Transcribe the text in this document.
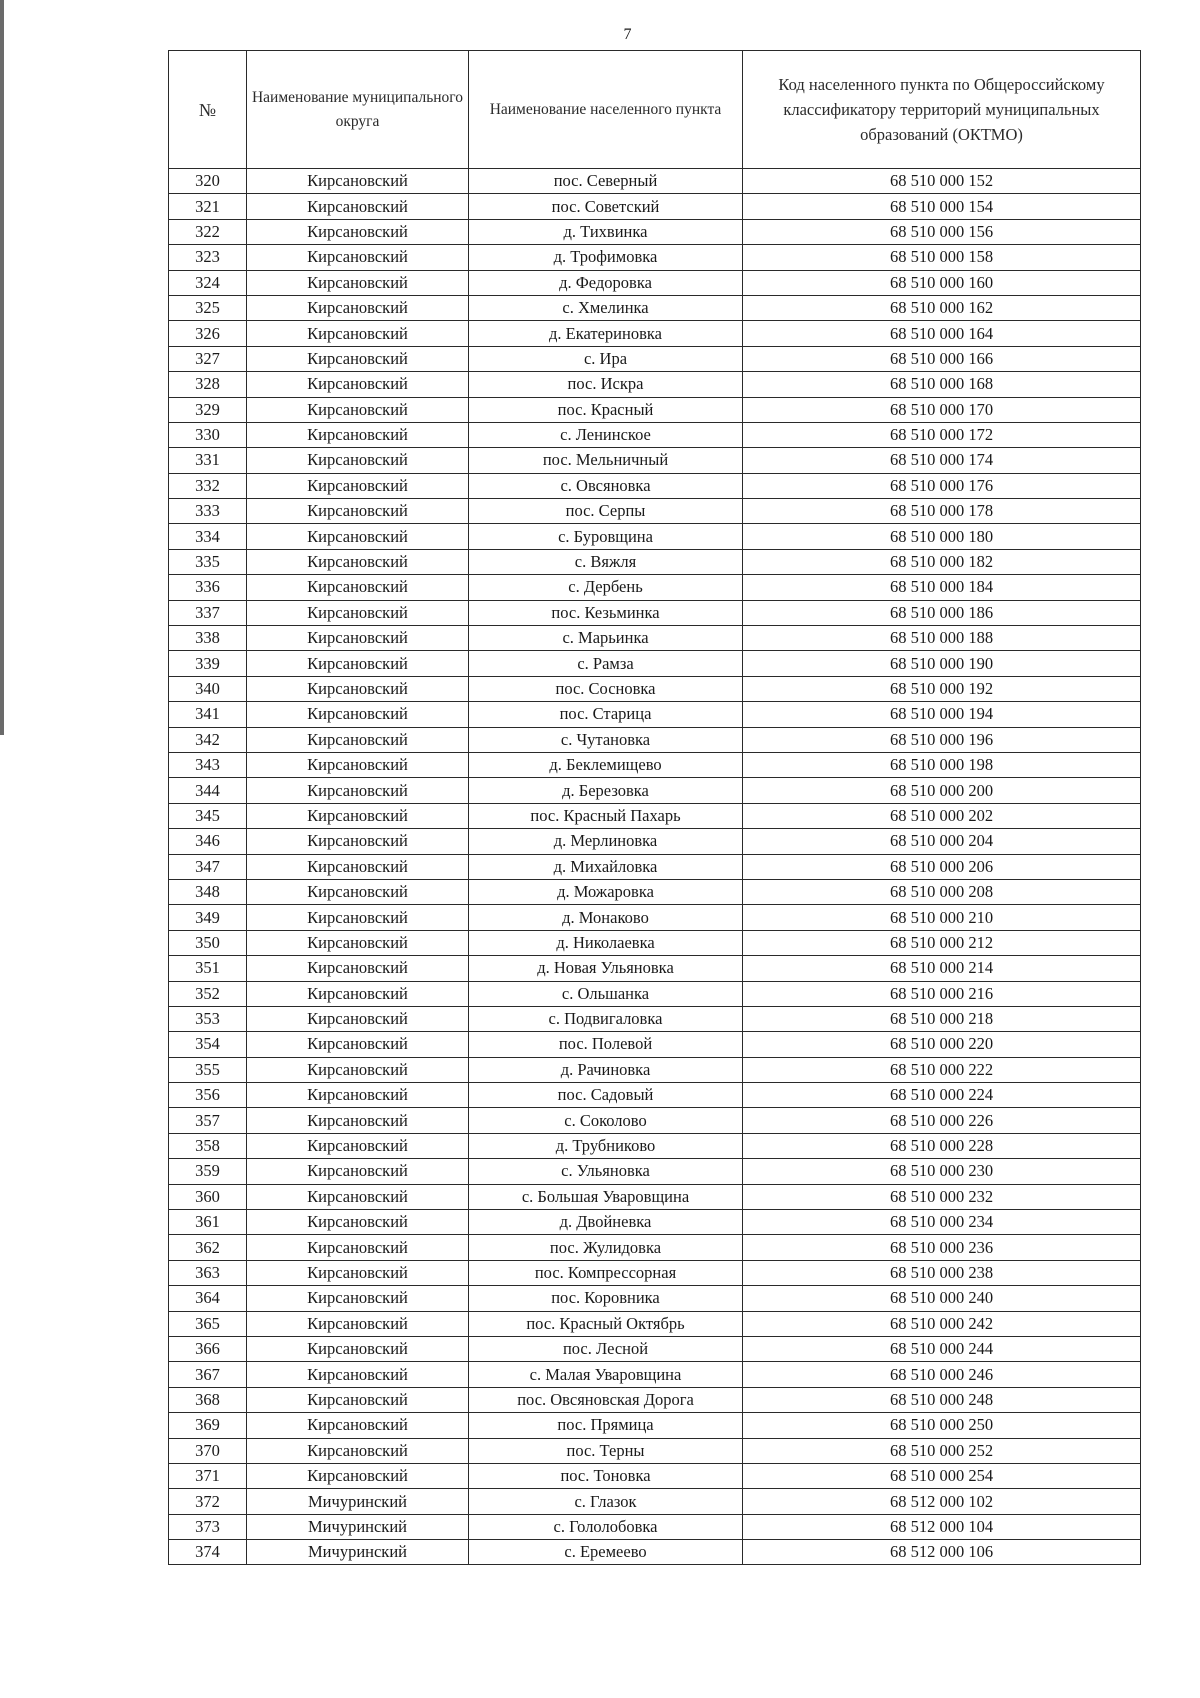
7
№	Наименование муниципального округа	Наименование населенного пункта	Код населенного пункта по Общероссийскому классификатору территорий муниципальных образований (ОКТМО)
320	Кирсановский	пос. Северный	68 510 000 152
321	Кирсановский	пос. Советский	68 510 000 154
322	Кирсановский	д. Тихвинка	68 510 000 156
323	Кирсановский	д. Трофимовка	68 510 000 158
324	Кирсановский	д. Федоровка	68 510 000 160
325	Кирсановский	с. Хмелинка	68 510 000 162
326	Кирсановский	д. Екатериновка	68 510 000 164
327	Кирсановский	с. Ира	68 510 000 166
328	Кирсановский	пос. Искра	68 510 000 168
329	Кирсановский	пос. Красный	68 510 000 170
330	Кирсановский	с. Ленинское	68 510 000 172
331	Кирсановский	пос. Мельничный	68 510 000 174
332	Кирсановский	с. Овсяновка	68 510 000 176
333	Кирсановский	пос. Серпы	68 510 000 178
334	Кирсановский	с. Буровщина	68 510 000 180
335	Кирсановский	с. Вяжля	68 510 000 182
336	Кирсановский	с. Дербень	68 510 000 184
337	Кирсановский	пос. Кезьминка	68 510 000 186
338	Кирсановский	с. Марьинка	68 510 000 188
339	Кирсановский	с. Рамза	68 510 000 190
340	Кирсановский	пос. Сосновка	68 510 000 192
341	Кирсановский	пос. Старица	68 510 000 194
342	Кирсановский	с. Чутановка	68 510 000 196
343	Кирсановский	д. Беклемищево	68 510 000 198
344	Кирсановский	д. Березовка	68 510 000 200
345	Кирсановский	пос. Красный Пахарь	68 510 000 202
346	Кирсановский	д. Мерлиновка	68 510 000 204
347	Кирсановский	д. Михайловка	68 510 000 206
348	Кирсановский	д. Можаровка	68 510 000 208
349	Кирсановский	д. Монаково	68 510 000 210
350	Кирсановский	д. Николаевка	68 510 000 212
351	Кирсановский	д. Новая Ульяновка	68 510 000 214
352	Кирсановский	с. Ольшанка	68 510 000 216
353	Кирсановский	с. Подвигаловка	68 510 000 218
354	Кирсановский	пос. Полевой	68 510 000 220
355	Кирсановский	д. Рачиновка	68 510 000 222
356	Кирсановский	пос. Садовый	68 510 000 224
357	Кирсановский	с. Соколово	68 510 000 226
358	Кирсановский	д. Трубниково	68 510 000 228
359	Кирсановский	с. Ульяновка	68 510 000 230
360	Кирсановский	с. Большая Уваровщина	68 510 000 232
361	Кирсановский	д. Двойневка	68 510 000 234
362	Кирсановский	пос. Жулидовка	68 510 000 236
363	Кирсановский	пос. Компрессорная	68 510 000 238
364	Кирсановский	пос. Коровника	68 510 000 240
365	Кирсановский	пос. Красный Октябрь	68 510 000 242
366	Кирсановский	пос. Лесной	68 510 000 244
367	Кирсановский	с. Малая Уваровщина	68 510 000 246
368	Кирсановский	пос. Овсяновская Дорога	68 510 000 248
369	Кирсановский	пос. Прямица	68 510 000 250
370	Кирсановский	пос. Терны	68 510 000 252
371	Кирсановский	пос. Тоновка	68 510 000 254
372	Мичуринский	с. Глазок	68 512 000 102
373	Мичуринский	с. Гололобовка	68 512 000 104
374	Мичуринский	с. Еремеево	68 512 000 106
